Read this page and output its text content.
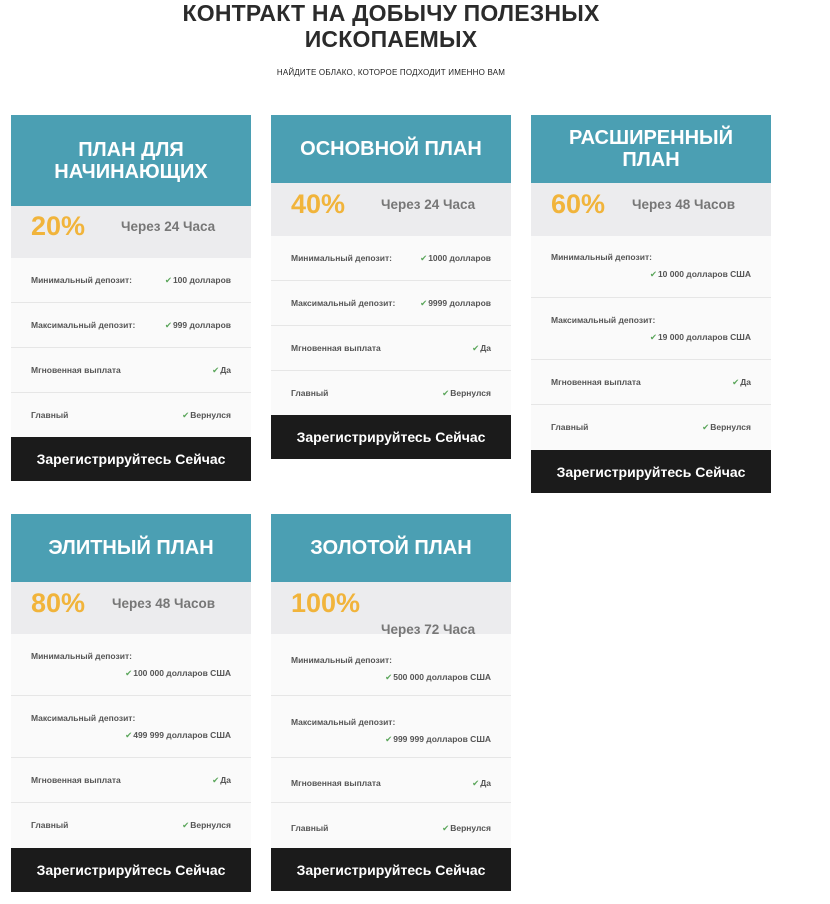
КОНТРАКТ НА ДОБЫЧУ ПОЛЕЗНЫХ
ИСКОПАЕМЫХ
НАЙДИТЕ ОБЛАКО, КОТОРОЕ ПОДХОДИТ ИМЕННО ВАМ
ПЛАН ДЛЯ НАЧИНАЮЩИХ
20%	Через 24 Часа
Минимальный депозит:	✔100 долларов
Максимальный депозит:	✔999 долларов
Мгновенная выплата	✔Да
Главный	✔Вернулся
Зарегистрируйтесь Сейчас
ОСНОВНОЙ ПЛАН
40%	Через 24 Часа
Минимальный депозит:	✔1000 долларов
Максимальный депозит:	✔9999 долларов
Мгновенная выплата	✔Да
Главный	✔Вернулся
Зарегистрируйтесь Сейчас
РАСШИРЕННЫЙ ПЛАН
60% Через 48 Часов
Минимальный депозит:
✔10 000 долларов США
Максимальный депозит:
✔19 000 долларов США
Мгновенная выплата	✔Да
Главный	✔Вернулся
Зарегистрируйтесь Сейчас
ЭЛИТНЫЙ ПЛАН
80% Через 48 Часов
Минимальный депозит:
✔100 000 долларов США
Максимальный депозит:
✔499 999 долларов США
Мгновенная выплата	✔Да
Главный	✔Вернулся
Зарегистрируйтесь Сейчас
ЗОЛОТОЙ ПЛАН
100%
Через 72 Часа
Минимальный депозит:
✔500 000 долларов США
Максимальный депозит:
✔999 999 долларов США
Мгновенная выплата	✔Да
Главный	✔Вернулся
Зарегистрируйтесь Сейчас
